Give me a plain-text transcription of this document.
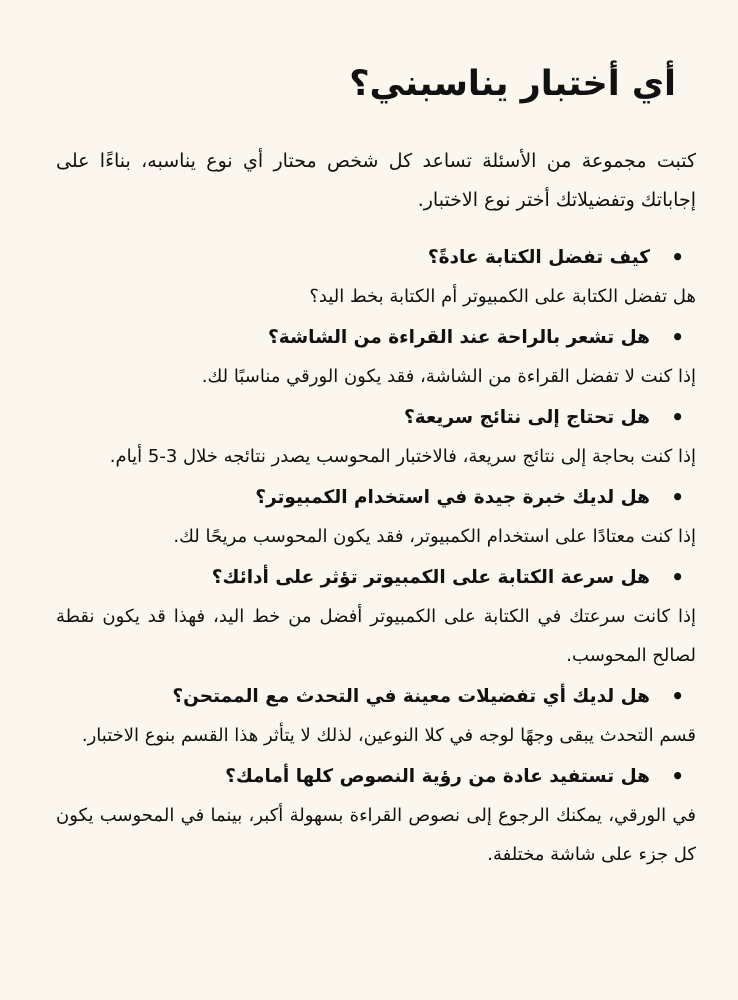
أي أختبار يناسبني؟

كتبت مجموعة من الأسئلة تساعد كل شخص محتار أي نوع يناسبه، بناءًا على إجاباتك وتفضيلاتك أختر نوع الاختبار.

•
كيف تفضل الكتابة عادةً؟

هل تفضل الكتابة على الكمبيوتر أم الكتابة بخط اليد؟

•
هل تشعر بالراحة عند القراءة من الشاشة؟

إذا كنت لا تفضل القراءة من الشاشة، فقد يكون الورقي مناسبًا لك.

•
هل تحتاج إلى نتائج سريعة؟

إذا كنت بحاجة إلى نتائج سريعة، فالاختبار المحوسب يصدر نتائجه خلال 3-5 أيام.

•
هل لديك خبرة جيدة في استخدام الكمبيوتر؟

إذا كنت معتادًا على استخدام الكمبيوتر، فقد يكون المحوسب مريحًا لك.

•
هل سرعة الكتابة على الكمبيوتر تؤثر على أدائك؟

إذا كانت سرعتك في الكتابة على الكمبيوتر أفضل من خط اليد، فهذا قد يكون نقطة لصالح المحوسب.

•
هل لديك أي تفضيلات معينة في التحدث مع الممتحن؟

قسم التحدث يبقى وجهًا لوجه في كلا النوعين، لذلك لا يتأثر هذا القسم بنوع الاختبار.

•
هل تستفيد عادة من رؤية النصوص كلها أمامك؟

في الورقي، يمكنك الرجوع إلى نصوص القراءة بسهولة أكبر، بينما في المحوسب يكون كل جزء على شاشة مختلفة.
